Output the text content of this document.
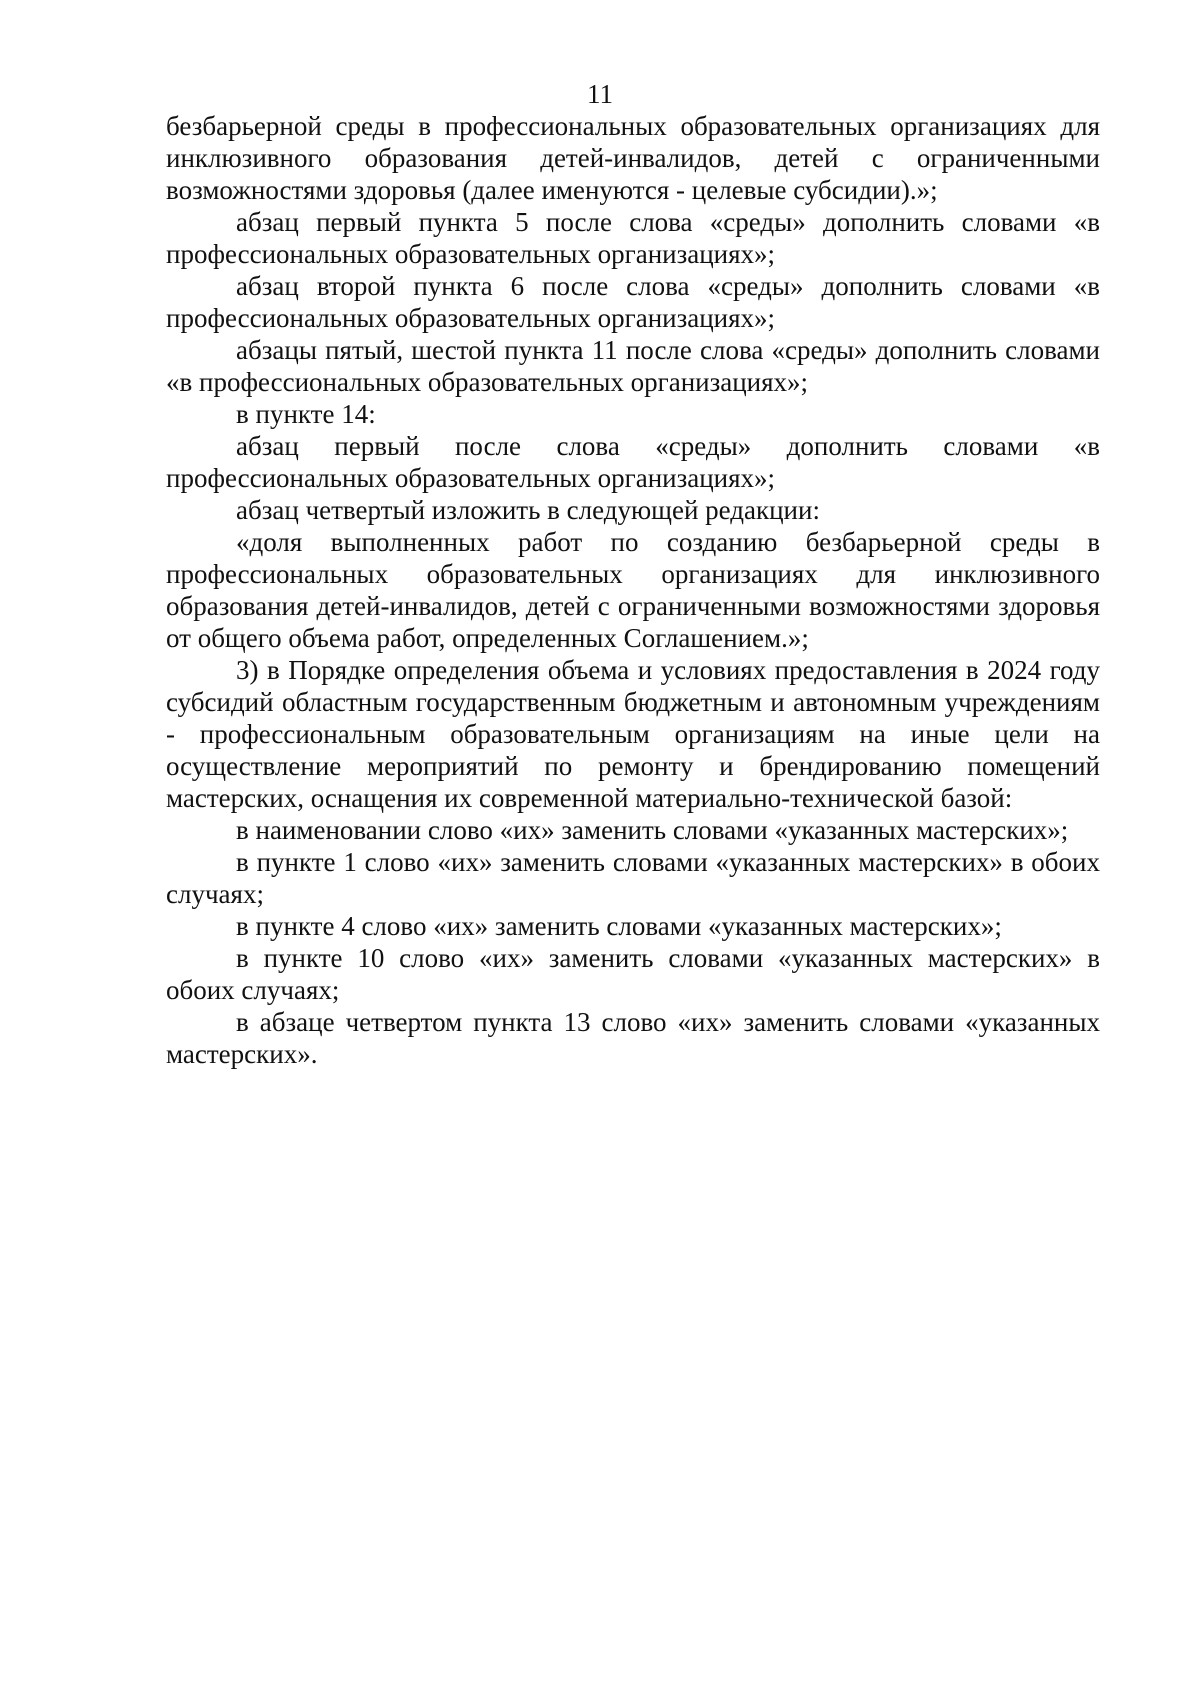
11

безбарьерной среды в профессиональных образовательных организациях для инклюзивного образования детей-инвалидов, детей с ограниченными возможностями здоровья (далее именуются - целевые субсидии).»;

абзац первый пункта 5 после слова «среды» дополнить словами «в профессиональных образовательных организациях»;

абзац второй пункта 6 после слова «среды» дополнить словами «в профессиональных образовательных организациях»;

абзацы пятый, шестой пункта 11 после слова «среды» дополнить словами «в профессиональных образовательных организациях»;

в пункте 14:

абзац первый после слова «среды» дополнить словами «в профессиональных образовательных организациях»;

абзац четвертый изложить в следующей редакции:

«доля выполненных работ по созданию безбарьерной среды в профессиональных образовательных организациях для инклюзивного образования детей-инвалидов, детей с ограниченными возможностями здоровья от общего объема работ, определенных Соглашением.»;

3) в Порядке определения объема и условиях предоставления в 2024 году субсидий областным государственным бюджетным и автономным учреждениям - профессиональным образовательным организациям на иные цели на осуществление мероприятий по ремонту и брендированию помещений мастерских, оснащения их современной материально-технической базой:

в наименовании слово «их» заменить словами «указанных мастерских»;

в пункте 1 слово «их» заменить словами «указанных мастерских» в обоих случаях;

в пункте 4 слово «их» заменить словами «указанных мастерских»;

в пункте 10 слово «их» заменить словами «указанных мастерских» в обоих случаях;

в абзаце четвертом пункта 13 слово «их» заменить словами «указанных мастерских».
